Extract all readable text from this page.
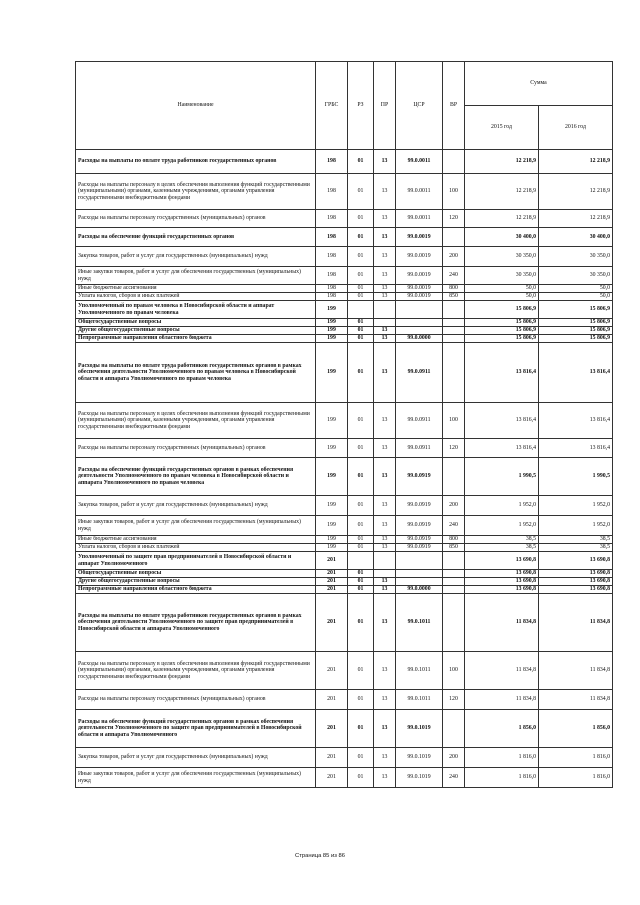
Наименование	ГРБС	РЗ	ПР	ЦСР	ВР	Сумма	
						2015 год	2016 год
Расходы на выплаты по оплате труда работников государственных органов	198	01	13	99.0.0011		12 218,9	12 218,9
Расходы на выплаты персоналу в целях обеспечения выполнения функций государственными (муниципальными) органами, казенными учреждениями, органами управления государственными внебюджетными фондами	198	01	13	99.0.0011	100	12 218,9	12 218,9
Расходы на выплаты персоналу государственных (муниципальных) органов	198	01	13	99.0.0011	120	12 218,9	12 218,9
Расходы на обеспечение функций государственных органов	198	01	13	99.0.0019		30 400,0	30 400,0
Закупка товаров, работ и услуг для государственных (муниципальных) нужд	198	01	13	99.0.0019	200	30 350,0	30 350,0
Иные закупки товаров, работ и услуг для обеспечения государственных (муниципальных) нужд	198	01	13	99.0.0019	240	30 350,0	30 350,0
Иные бюджетные ассигнования	198	01	13	99.0.0019	800	50,0	50,0
Уплата налогов, сборов и иных платежей	198	01	13	99.0.0019	850	50,0	50,0
Уполномоченный по правам человека в Новосибирской области и аппарат Уполномоченного по правам человека	199					15 806,9	15 806,9
Общегосударственные вопросы	199	01				15 806,9	15 806,9
Другие общегосударственные вопросы	199	01	13			15 806,9	15 806,9
Непрограммные направления областного бюджета	199	01	13	99.0.0000		15 806,9	15 806,9
Расходы на выплаты по оплате труда работников государственных органов в рамках обеспечения деятельности Уполномоченного по правам человека в Новосибирской области и аппарата Уполномоченного по правам человека	199	01	13	99.0.0911		13 816,4	13 816,4
Расходы на выплаты персоналу в целях обеспечения выполнения функций государственными (муниципальными) органами, казенными учреждениями, органами управления государственными внебюджетными фондами	199	01	13	99.0.0911	100	13 816,4	13 816,4
Расходы на выплаты персоналу государственных (муниципальных) органов	199	01	13	99.0.0911	120	13 816,4	13 816,4
Расходы на обеспечение функций государственных органов в рамках обеспечения деятельности Уполномоченного по правам человека в Новосибирской области и аппарата Уполномоченного по правам человека	199	01	13	99.0.0919		1 990,5	1 990,5
Закупка товаров, работ и услуг для государственных (муниципальных) нужд	199	01	13	99.0.0919	200	1 952,0	1 952,0
Иные закупки товаров, работ и услуг для обеспечения государственных (муниципальных) нужд	199	01	13	99.0.0919	240	1 952,0	1 952,0
Иные бюджетные ассигнования	199	01	13	99.0.0919	800	38,5	38,5
Уплата налогов, сборов и иных платежей	199	01	13	99.0.0919	850	38,5	38,5
Уполномоченный по защите прав предпринимателей в Новосибирской области и аппарат Уполномоченного	201					13 690,8	13 690,8
Общегосударственные вопросы	201	01				13 690,8	13 690,8
Другие общегосударственные вопросы	201	01	13			13 690,8	13 690,8
Непрограммные направления областного бюджета	201	01	13	99.0.0000		13 690,8	13 690,8
Расходы на выплаты по оплате труда работников государственных органов в рамках обеспечения деятельности Уполномоченного по защите прав предпринимателей в Новосибирской области и аппарата Уполномоченного	201	01	13	99.0.1011		11 834,8	11 834,8
Расходы на выплаты персоналу в целях обеспечения выполнения функций государственными (муниципальными) органами, казенными учреждениями, органами управления государственными внебюджетными фондами	201	01	13	99.0.1011	100	11 834,8	11 834,8
Расходы на выплаты персоналу государственных (муниципальных) органов	201	01	13	99.0.1011	120	11 834,8	11 834,8
Расходы на обеспечение функций государственных органов в рамках обеспечения деятельности Уполномоченного по защите прав предпринимателей в Новосибирской области и аппарата Уполномоченного	201	01	13	99.0.1019		1 856,0	1 856,0
Закупка товаров, работ и услуг для государственных (муниципальных) нужд	201	01	13	99.0.1019	200	1 816,0	1 816,0
Иные закупки товаров, работ и услуг для обеспечения государственных (муниципальных) нужд	201	01	13	99.0.1019	240	1 816,0	1 816,0
Страница 85 из 86
